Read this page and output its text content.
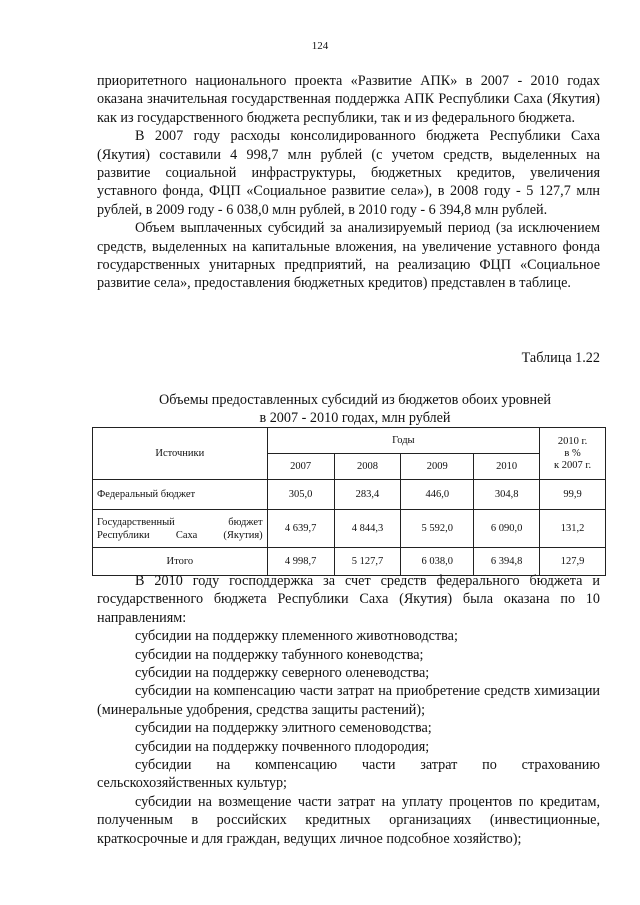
124

приоритетного национального проекта «Развитие АПК» в 2007 - 2010 годах оказана значительная государственная поддержка АПК Республики Саха (Якутия) как из государственного бюджета республики, так и из федерального бюджета.

В 2007 году расходы консолидированного бюджета Республики Саха (Якутия) составили 4 998,7 млн рублей (с учетом средств, выделенных на развитие социальной инфраструктуры, бюджетных кредитов, увеличения уставного фонда, ФЦП «Социальное развитие села»), в 2008 году - 5 127,7 млн рублей, в 2009 году - 6 038,0 млн рублей, в 2010 году - 6 394,8 млн рублей.

Объем выплаченных субсидий за анализируемый период (за исключением средств, выделенных на капитальные вложения, на увеличение уставного фонда государственных унитарных предприятий, на реализацию ФЦП «Социальное развитие села», предоставления бюджетных кредитов) представлен в таблице.

Таблица 1.22
Объемы предоставленных субсидий из бюджетов обоих уровней
в 2007 - 2010 годах, млн рублей
Источники	Годы				2010 г.
в %
к 2007 г.

	2007	2008	2009	2010	
Федеральный бюджет	305,0	283,4	446,0	304,8	99,9
Государственный бюджет Республики Саха (Якутия)	4 639,7	4 844,3	5 592,0	6 090,0	131,2
Итого	4 998,7	5 127,7	6 038,0	6 394,8	127,9

В 2010 году господдержка за счет средств федерального бюджета и государственного бюджета Республики Саха (Якутия) была оказана по 10 направлениям:

субсидии на поддержку племенного животноводства;

субсидии на поддержку табунного коневодства;

субсидии на поддержку северного оленеводства;

субсидии на компенсацию части затрат на приобретение средств химизации (минеральные удобрения, средства защиты растений);

субсидии на поддержку элитного семеноводства;

субсидии на поддержку почвенного плодородия;

субсидии на компенсацию части затрат по страхованию сельскохозяйственных культур;

субсидии на возмещение части затрат на уплату процентов по кредитам, полученным в российских кредитных организациях (инвестиционные, краткосрочные и для граждан, ведущих личное подсобное хозяйство);
